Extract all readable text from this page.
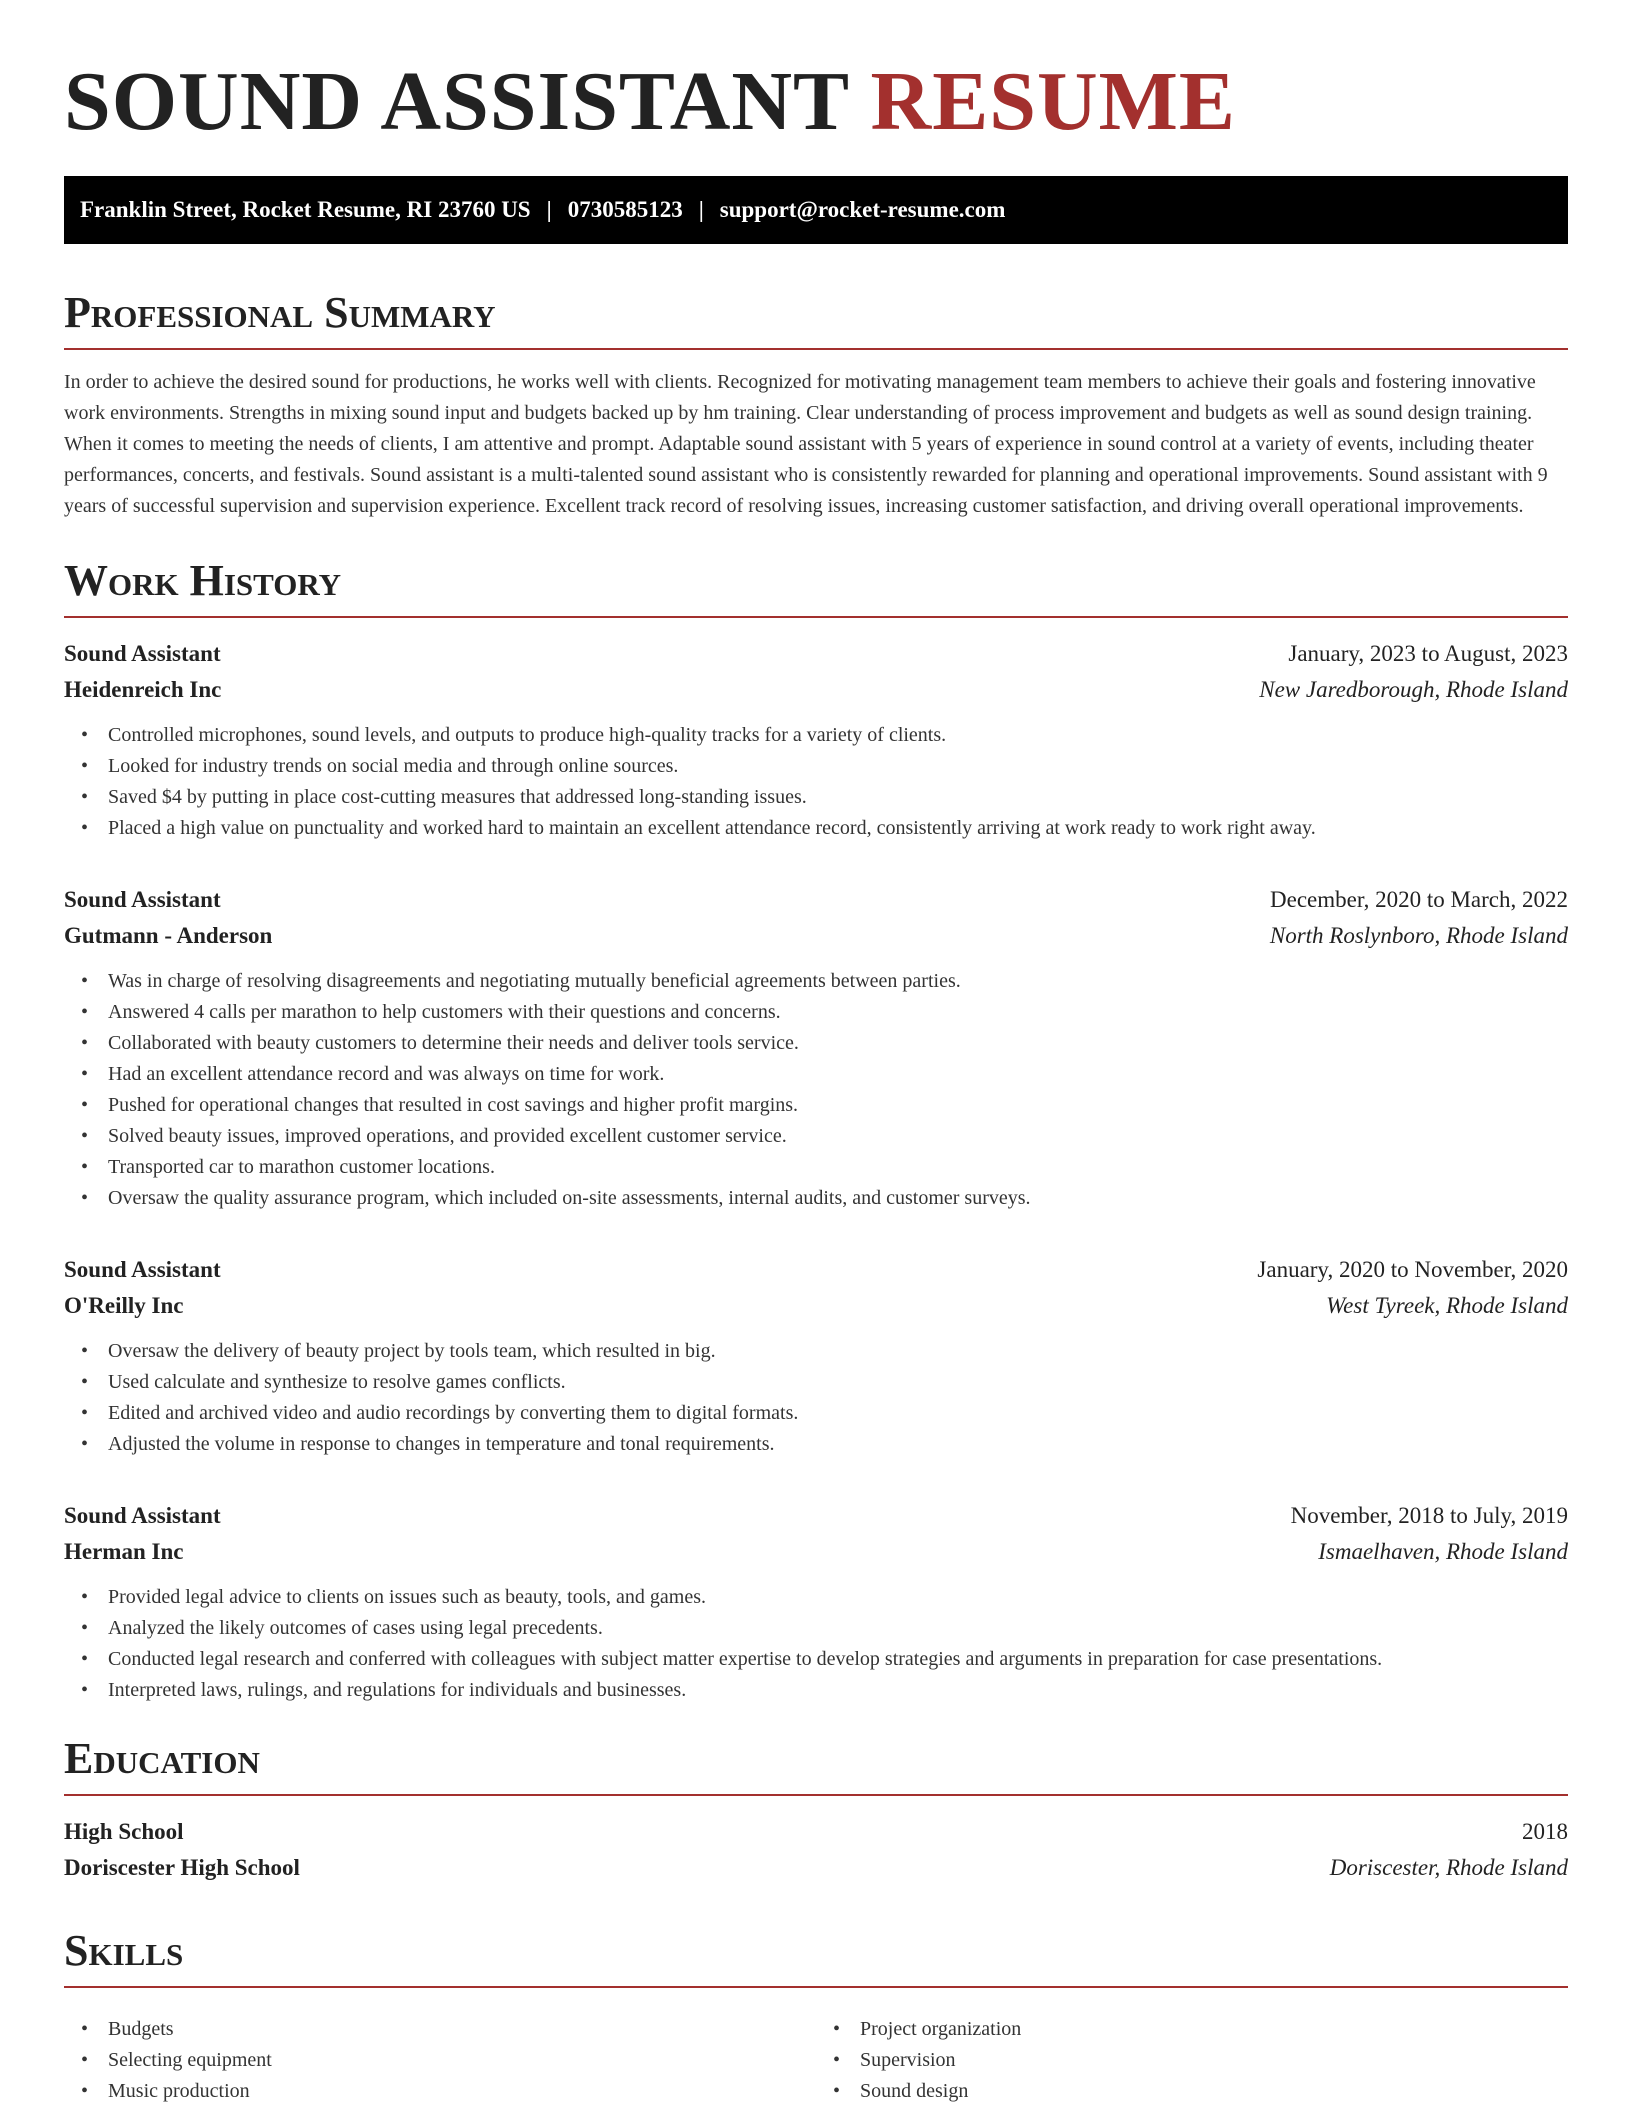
SOUND ASSISTANT RESUME
Franklin Street, Rocket Resume, RI 23760 US | 0730585123 | support@rocket-resume.com
Professional Summary

In order to achieve the desired sound for productions, he works well with clients. Recognized for motivating management team members to achieve their goals and fostering innovative work environments. Strengths in mixing sound input and budgets backed up by hm training. Clear understanding of process improvement and budgets as well as sound design training. When it comes to meeting the needs of clients, I am attentive and prompt. Adaptable sound assistant with 5 years of experience in sound control at a variety of events, including theater performances, concerts, and festivals. Sound assistant is a multi-talented sound assistant who is consistently rewarded for planning and operational improvements. Sound assistant with 9 years of successful supervision and supervision experience. Excellent track record of resolving issues, increasing customer satisfaction, and driving overall operational improvements.

Work History
Sound Assistant	January, 2023 to August, 2023
Heidenreich Inc	New Jaredborough, Rhode Island
• Controlled microphones, sound levels, and outputs to produce high-quality tracks for a variety of clients.
• Looked for industry trends on social media and through online sources.
• Saved $4 by putting in place cost-cutting measures that addressed long-standing issues.
• Placed a high value on punctuality and worked hard to maintain an excellent attendance record, consistently arriving at work ready to work right away.
Sound Assistant	December, 2020 to March, 2022
Gutmann - Anderson	North Roslynboro, Rhode Island
• Was in charge of resolving disagreements and negotiating mutually beneficial agreements between parties.
• Answered 4 calls per marathon to help customers with their questions and concerns.
• Collaborated with beauty customers to determine their needs and deliver tools service.
• Had an excellent attendance record and was always on time for work.
• Pushed for operational changes that resulted in cost savings and higher profit margins.
• Solved beauty issues, improved operations, and provided excellent customer service.
• Transported car to marathon customer locations.
• Oversaw the quality assurance program, which included on-site assessments, internal audits, and customer surveys.
Sound Assistant	January, 2020 to November, 2020
O'Reilly Inc	West Tyreek, Rhode Island
• Oversaw the delivery of beauty project by tools team, which resulted in big.
• Used calculate and synthesize to resolve games conflicts.
• Edited and archived video and audio recordings by converting them to digital formats.
• Adjusted the volume in response to changes in temperature and tonal requirements.
Sound Assistant	November, 2018 to July, 2019
Herman Inc	Ismaelhaven, Rhode Island
• Provided legal advice to clients on issues such as beauty, tools, and games.
• Analyzed the likely outcomes of cases using legal precedents.
• Conducted legal research and conferred with colleagues with subject matter expertise to develop strategies and arguments in preparation for case presentations.
• Interpreted laws, rulings, and regulations for individuals and businesses.
Education
High School	2018
Doriscester High School	Doriscester, Rhode Island
Skills
• Budgets
• Selecting equipment
• Music production
• Project organization
• Supervision
• Sound design
